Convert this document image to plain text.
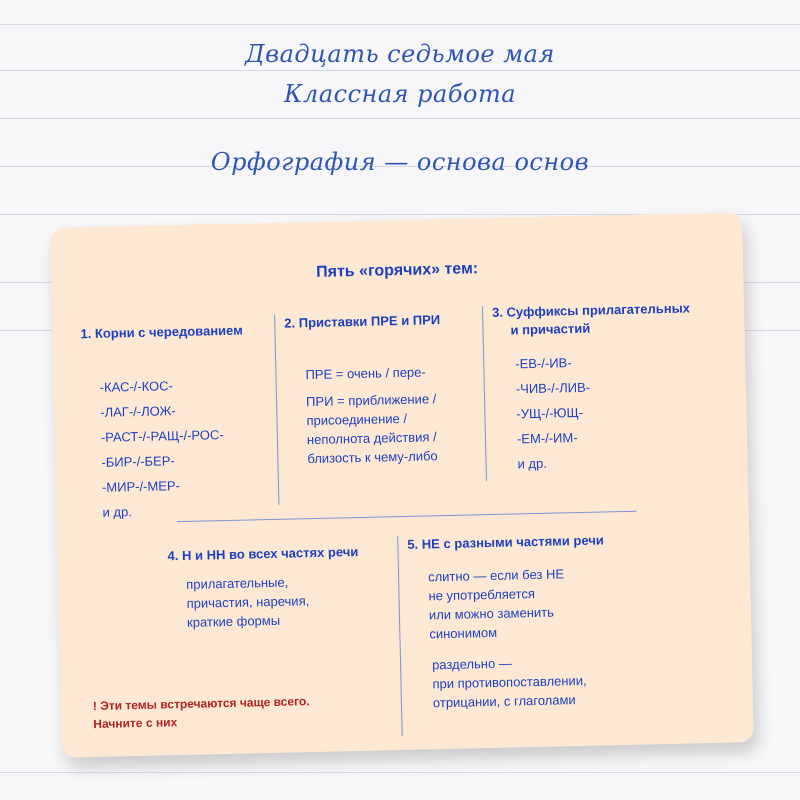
Двадцать седьмое мая
Классная работа
Орфография — основа основ
Пять «горячих» тем:
1. Корни с чередованием
-КАС-/-КОС-
-ЛАГ-/-ЛОЖ-
-РАСТ-/-РАЩ-/-РОС-
-БИР-/-БЕР-
-МИР-/-МЕР-
и др.
2. Приставки ПРЕ и ПРИ
ПРЕ = очень / пере-
ПРИ = приближение /
присоединение /
неполнота действия /
близость к чему-либо
3. Суффиксы прилагательных
и причастий
-ЕВ-/-ИВ-
-ЧИВ-/-ЛИВ-
-УЩ-/-ЮЩ-
-ЕМ-/-ИМ-
и др.
4. Н и НН во всех частях речи
прилагательные,
причастия, наречия,
краткие формы
5. НЕ с разными частями речи
слитно — если без НЕ
не употребляется
или можно заменить
синонимом
раздельно —
при противопоставлении,
отрицании, с глаголами
! Эти темы встречаются чаще всего.
Начните с них
